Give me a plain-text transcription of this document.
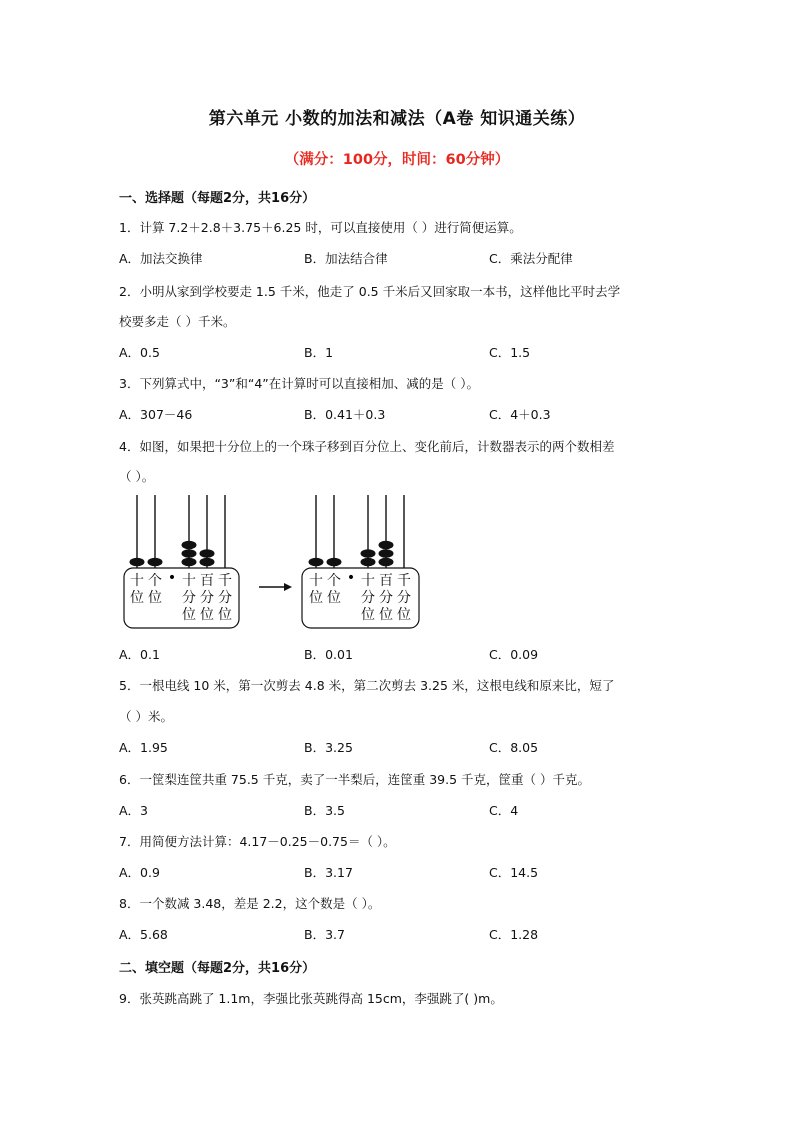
第六单元 小数的加法和减法（A卷 知识通关练）
（满分：100分，时间：60分钟）
一、选择题（每题2分，共16分）
1．计算 7.2＋2.8＋3.75＋6.25 时，可以直接使用（ ）进行简便运算。
A．加法交换律	B．加法结合律	C．乘法分配律
2．小明从家到学校要走 1.5 千米，他走了 0.5 千米后又回家取一本书，这样他比平时去学
校要多走（ ）千米。
A．0.5	B．1	C．1.5
3．下列算式中，“3”和“4”在计算时可以直接相加、减的是（ ）。
A．307－46	B．0.41＋0.3	C．4＋0.3
4．如图，如果把十分位上的一个珠子移到百分位上、变化前后，计数器表示的两个数相差
（ ）。
十
位
个
位
十
分
位
百
分
位
千
分
位
•	十
位
个
位
十
分
位
百
分
位
千
分
位
•
A．0.1	B．0.01	C．0.09
5．一根电线 10 米，第一次剪去 4.8 米，第二次剪去 3.25 米，这根电线和原来比，短了
（ ）米。
A．1.95	B．3.25	C．8.05
6．一筐梨连筐共重 75.5 千克，卖了一半梨后，连筐重 39.5 千克，筐重（ ）千克。
A．3	B．3.5	C．4
7．用简便方法计算：4.17－0.25－0.75＝（ ）。
A．0.9	B．3.17	C．14.5
8．一个数减 3.48，差是 2.2，这个数是（ ）。
A．5.68	B．3.7	C．1.28
二、填空题（每题2分，共16分）
9．张英跳高跳了 1.1m，李强比张英跳得高 15cm，李强跳了( )m。
